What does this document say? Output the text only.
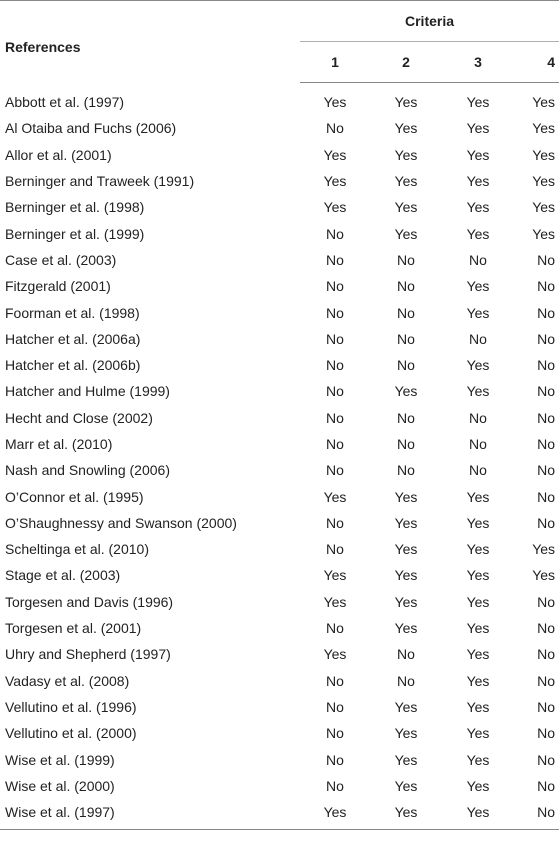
References	Criteria			
	1	2	3	4
Abbott et al. (1997)	Yes	Yes	Yes	Yes
Al Otaiba and Fuchs (2006)	No	Yes	Yes	Yes
Allor et al. (2001)	Yes	Yes	Yes	Yes
Berninger and Traweek (1991)	Yes	Yes	Yes	Yes
Berninger et al. (1998)	Yes	Yes	Yes	Yes
Berninger et al. (1999)	No	Yes	Yes	Yes
Case et al. (2003)	No	No	No	No
Fitzgerald (2001)	No	No	Yes	No
Foorman et al. (1998)	No	No	Yes	No
Hatcher et al. (2006a)	No	No	No	No
Hatcher et al. (2006b)	No	No	Yes	No
Hatcher and Hulme (1999)	No	Yes	Yes	No
Hecht and Close (2002)	No	No	No	No
Marr et al. (2010)	No	No	No	No
Nash and Snowling (2006)	No	No	No	No
O’Connor et al. (1995)	Yes	Yes	Yes	No
O’Shaughnessy and Swanson (2000)	No	Yes	Yes	No
Scheltinga et al. (2010)	No	Yes	Yes	Yes
Stage et al. (2003)	Yes	Yes	Yes	Yes
Torgesen and Davis (1996)	Yes	Yes	Yes	No
Torgesen et al. (2001)	No	Yes	Yes	No
Uhry and Shepherd (1997)	Yes	No	Yes	No
Vadasy et al. (2008)	No	No	Yes	No
Vellutino et al. (1996)	No	Yes	Yes	No
Vellutino et al. (2000)	No	Yes	Yes	No
Wise et al. (1999)	No	Yes	Yes	No
Wise et al. (2000)	No	Yes	Yes	No
Wise et al. (1997)	Yes	Yes	Yes	No
